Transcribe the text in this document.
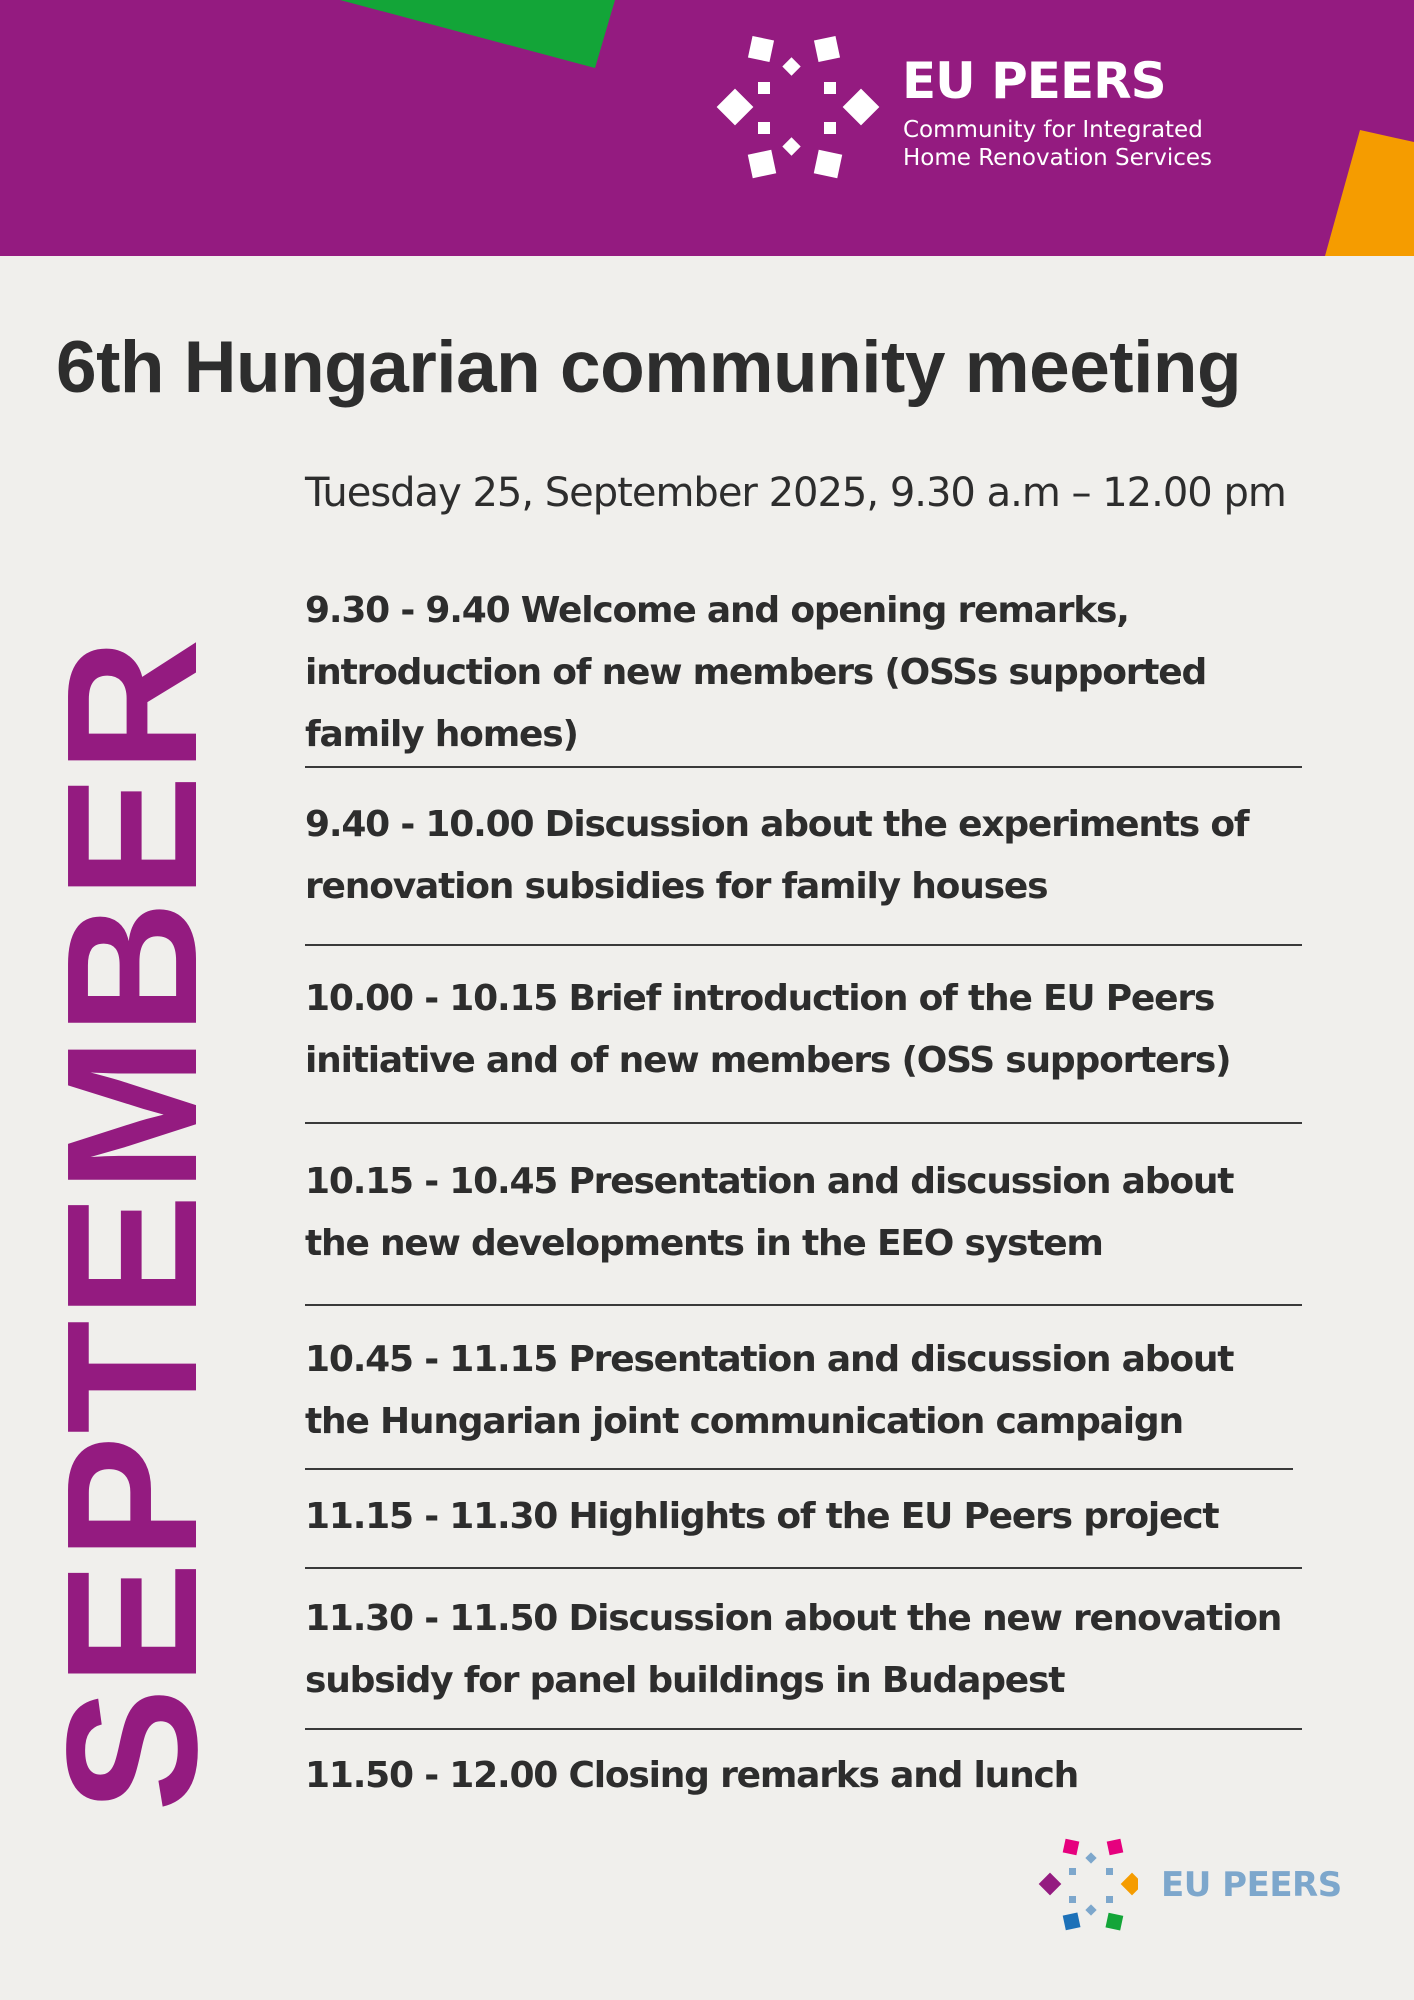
EU PEERS
Community for Integrated Home Renovation Services
6th Hungarian community meeting
Tuesday 25, September 2025, 9.30 a.m – 12.00 pm
SEPTEMBER
9.30 - 9.40 Welcome and opening remarks, introduction of new members (OSSs supported family homes)
9.40 - 10.00 Discussion about the experiments of renovation subsidies for family houses
10.00 - 10.15 Brief introduction of the EU Peers initiative and of new members (OSS supporters)
10.15 - 10.45 Presentation and discussion about the new developments in the EEO system
10.45 - 11.15 Presentation and discussion about the Hungarian joint communication campaign
11.15 - 11.30 Highlights of the EU Peers project
11.30 - 11.50 Discussion about the new renovation subsidy for panel buildings in Budapest
11.50 - 12.00 Closing remarks and lunch
EU PEERS
